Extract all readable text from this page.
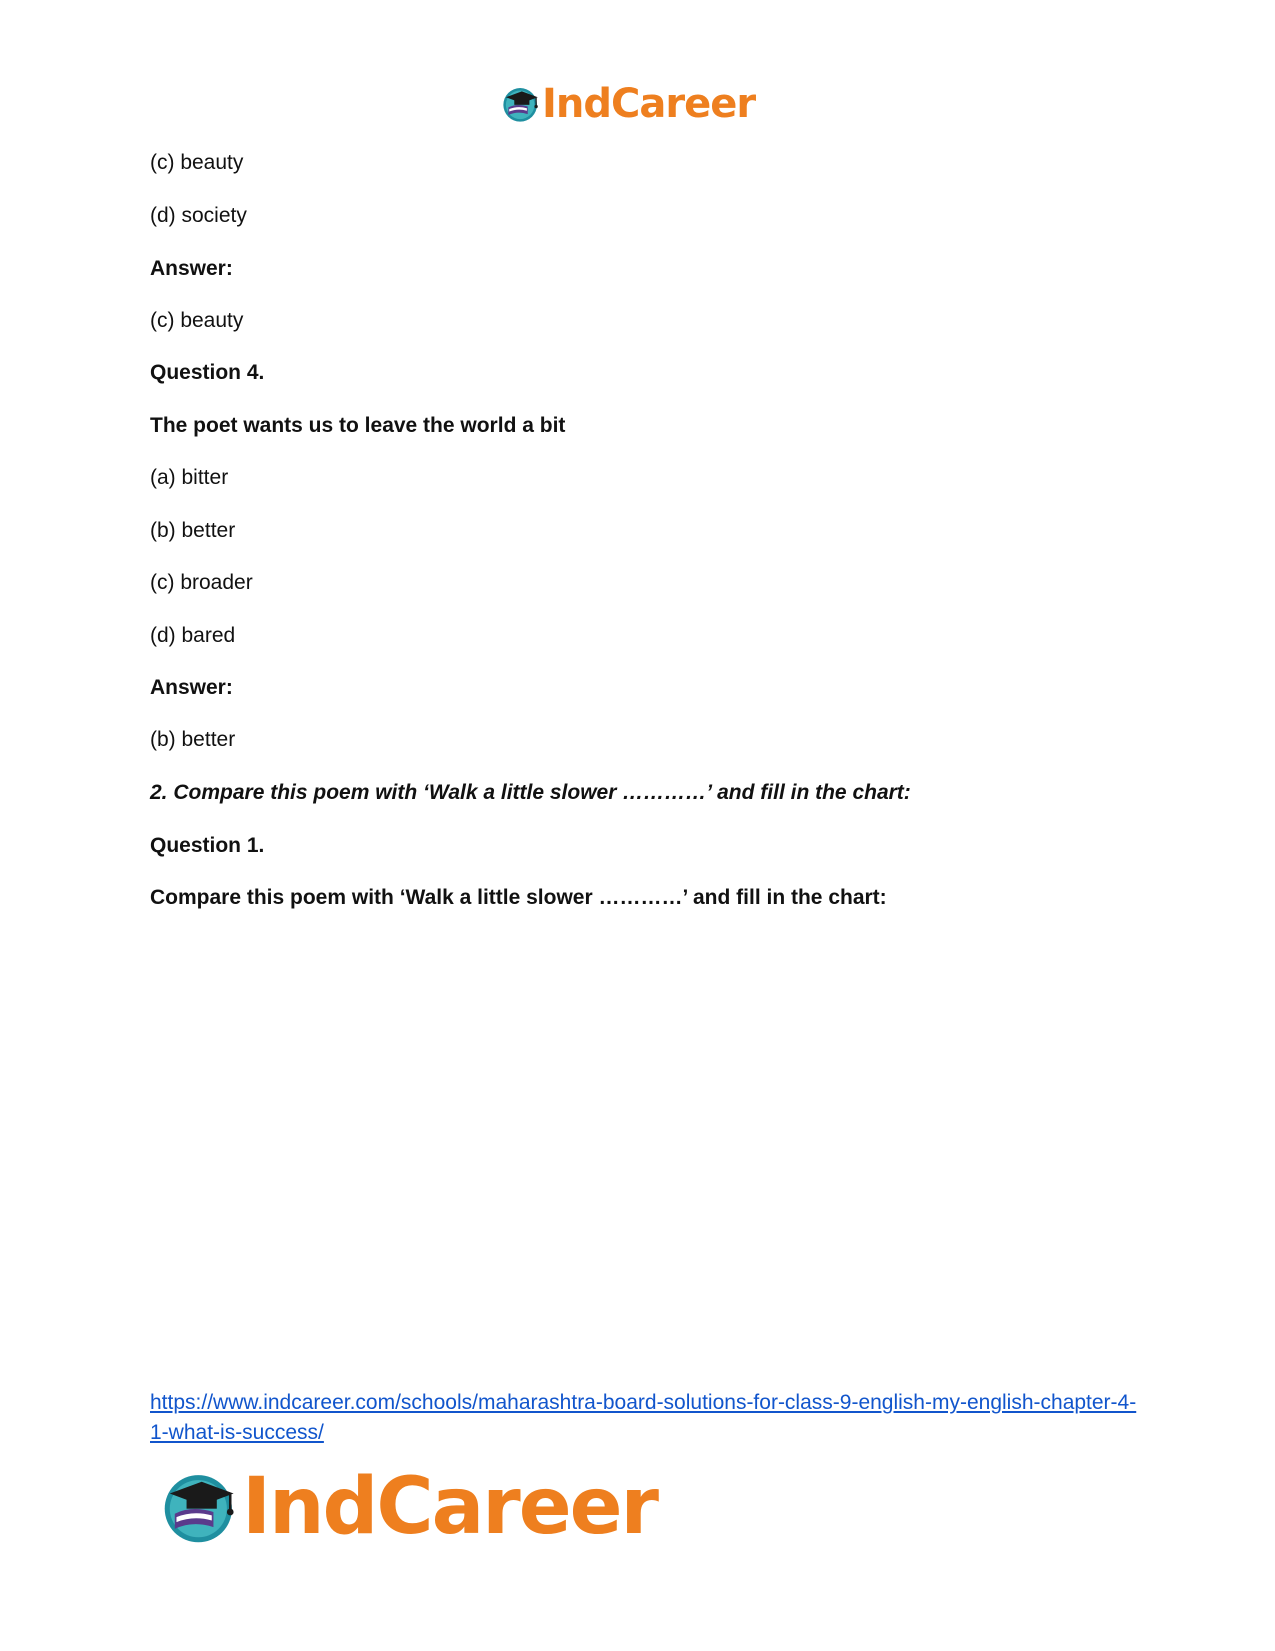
IndCareer
(c) beauty
(d) society
Answer:
(c) beauty
Question 4.
The poet wants us to leave the world a bit
(a) bitter
(b) better
(c) broader
(d) bared
Answer:
(b) better
2. Compare this poem with ‘Walk a little slower …………’ and fill in the chart:
Question 1.
Compare this poem with ‘Walk a little slower …………’ and fill in the chart:
https://www.indcareer.com/schools/maharashtra-board-solutions-for-class-9-english-my-english-chapter-4-1-what-is-success/
IndCareer
